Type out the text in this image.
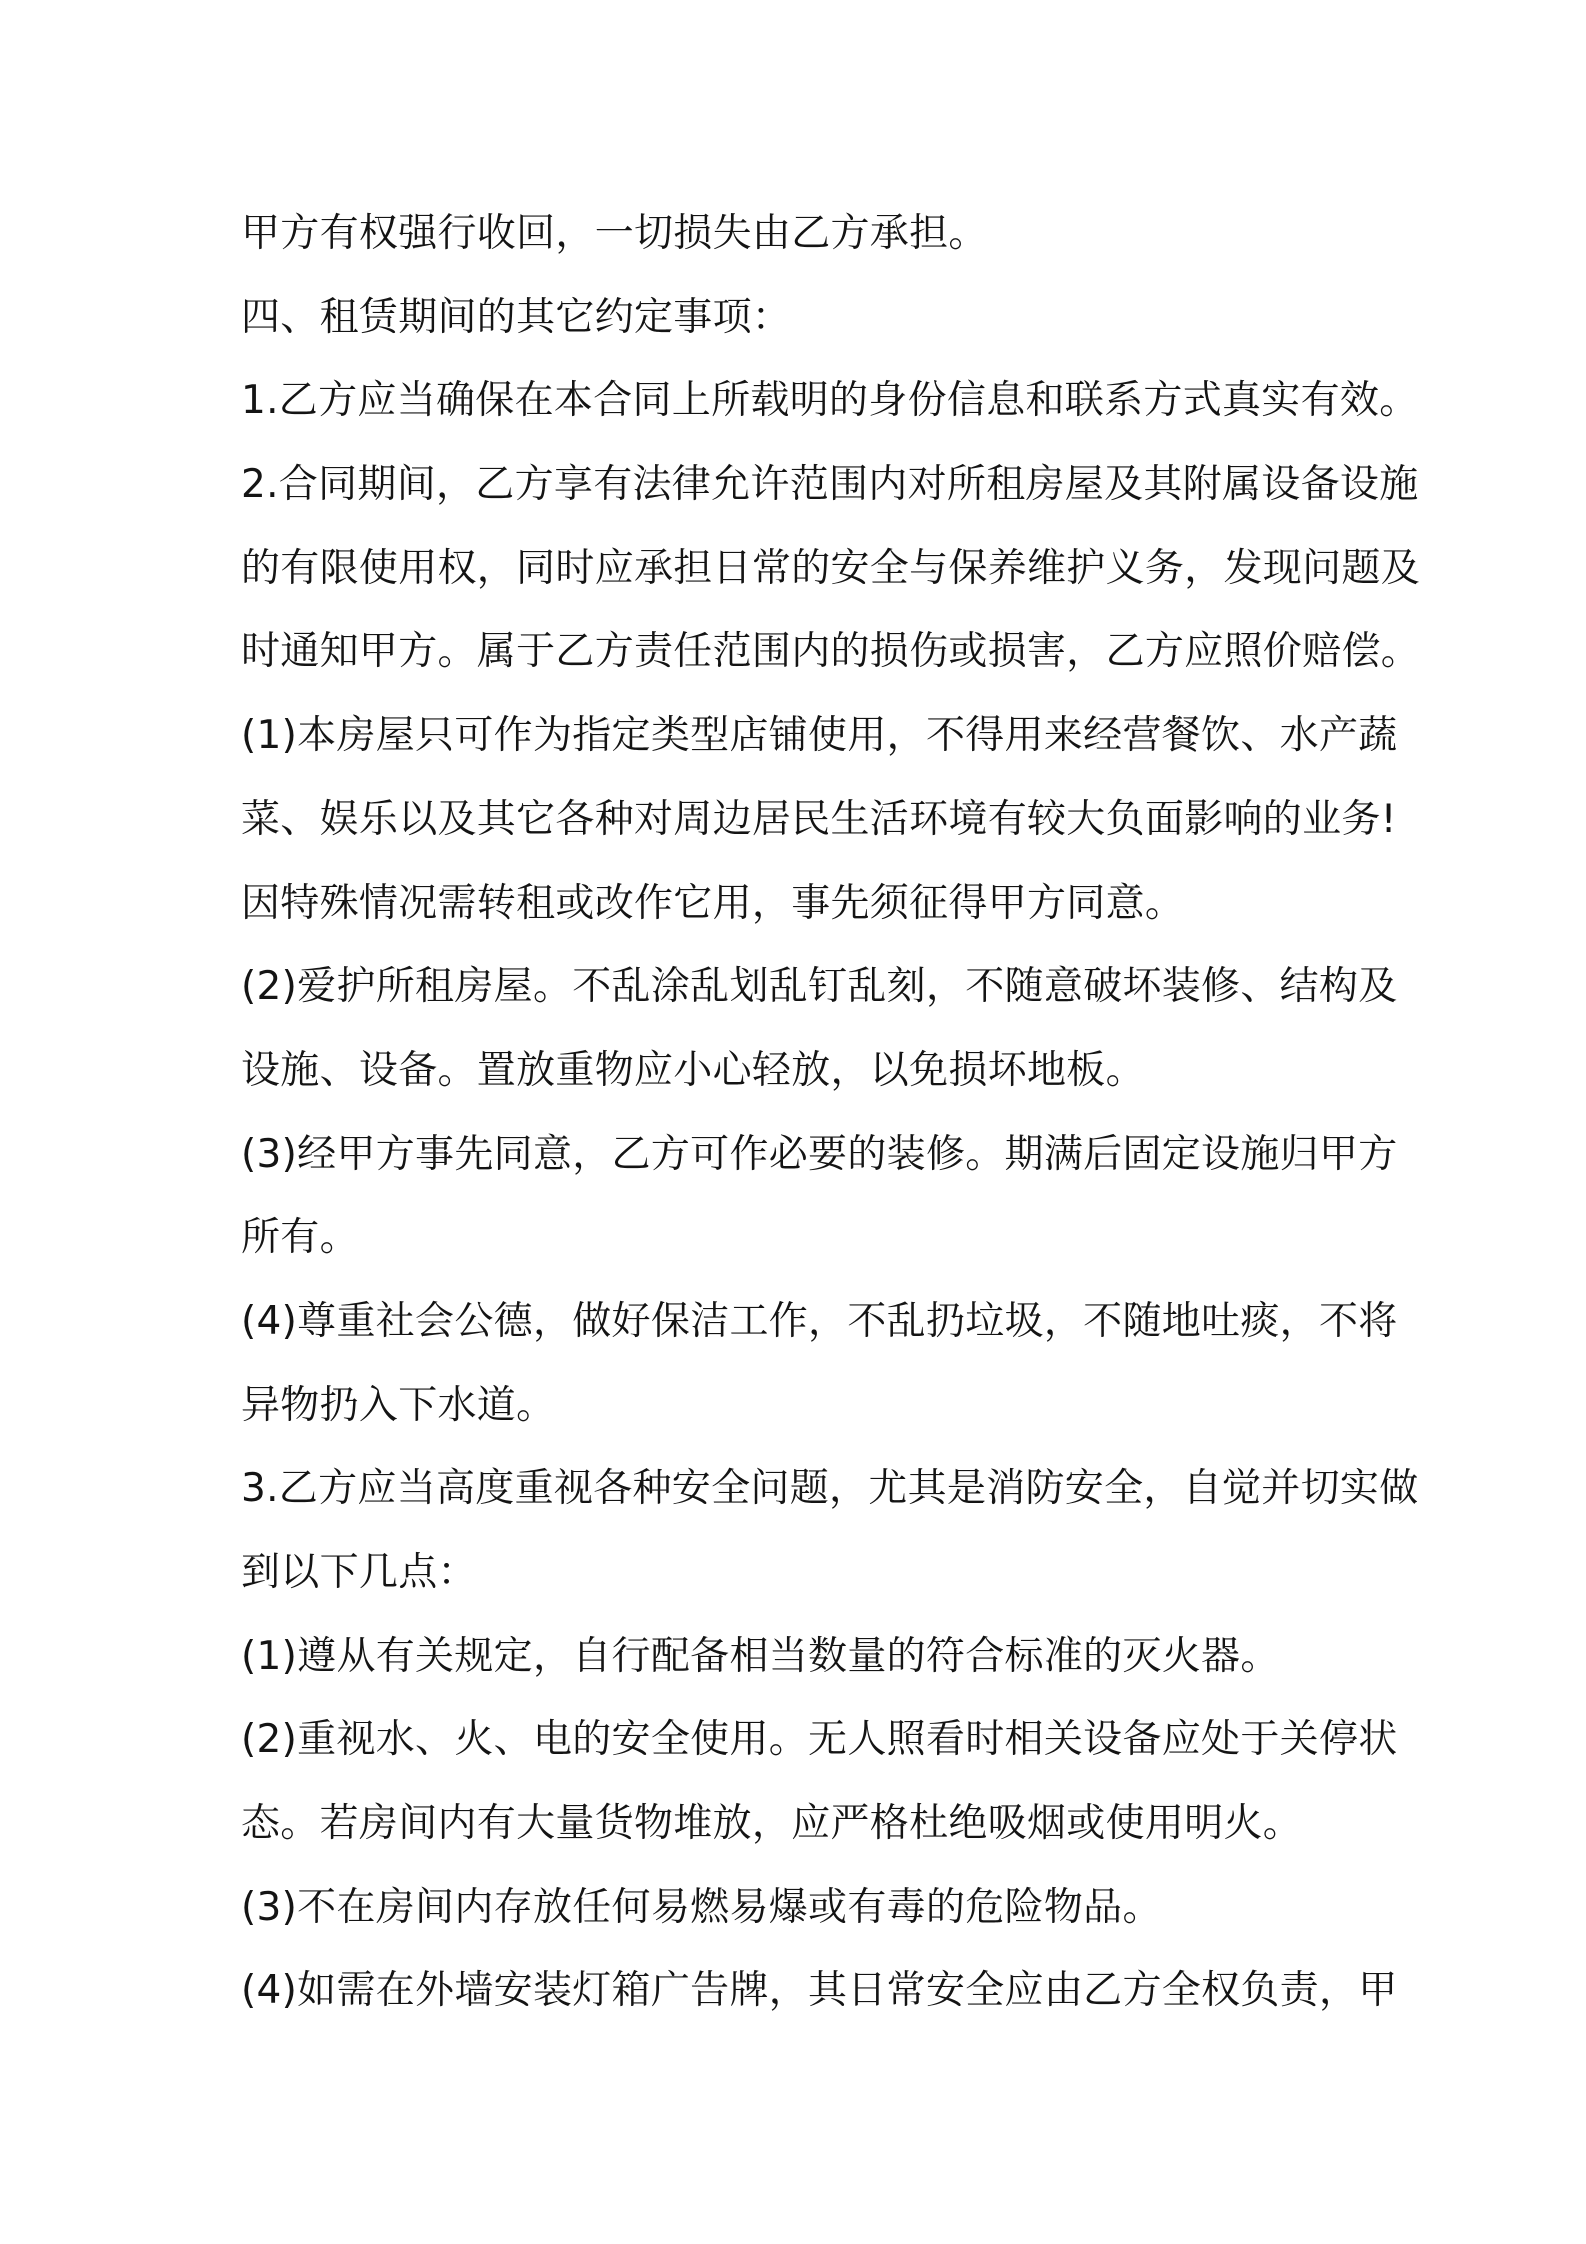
甲方有权强行收回，一切损失由乙方承担。
四、租赁期间的其它约定事项：
1.乙方应当确保在本合同上所载明的身份信息和联系方式真实有效。
2.合同期间，乙方享有法律允许范围内对所租房屋及其附属设备设施
的有限使用权，同时应承担日常的安全与保养维护义务，发现问题及
时通知甲方。属于乙方责任范围内的损伤或损害，乙方应照价赔偿。
(1)本房屋只可作为指定类型店铺使用，不得用来经营餐饮、水产蔬
菜、娱乐以及其它各种对周边居民生活环境有较大负面影响的业务!
因特殊情况需转租或改作它用，事先须征得甲方同意。
(2)爱护所租房屋。不乱涂乱划乱钉乱刻，不随意破坏装修、结构及
设施、设备。置放重物应小心轻放，以免损坏地板。
(3)经甲方事先同意，乙方可作必要的装修。期满后固定设施归甲方
所有。
(4)尊重社会公德，做好保洁工作，不乱扔垃圾，不随地吐痰，不将
异物扔入下水道。
3.乙方应当高度重视各种安全问题，尤其是消防安全，自觉并切实做
到以下几点：
(1)遵从有关规定，自行配备相当数量的符合标准的灭火器。
(2)重视水、火、电的安全使用。无人照看时相关设备应处于关停状
态。若房间内有大量货物堆放，应严格杜绝吸烟或使用明火。
(3)不在房间内存放任何易燃易爆或有毒的危险物品。
(4)如需在外墙安装灯箱广告牌，其日常安全应由乙方全权负责，甲
